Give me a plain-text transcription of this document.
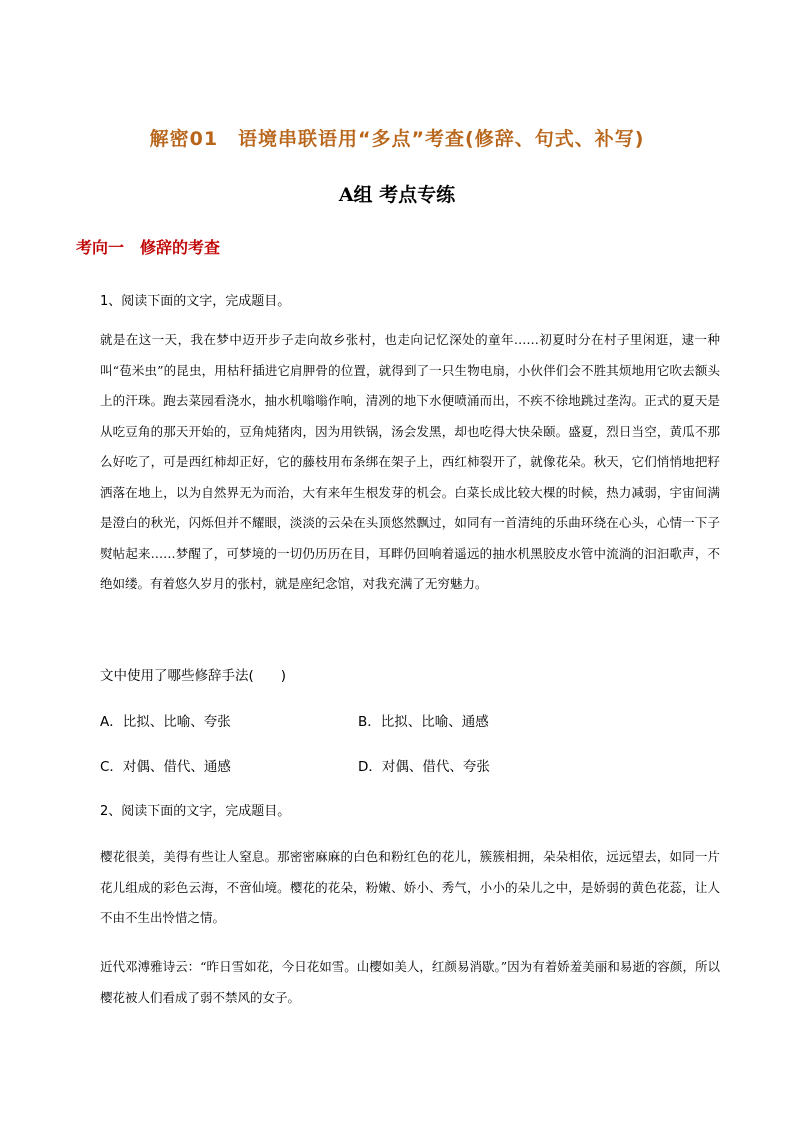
解密01　语境串联语用“多点”考查(修辞、句式、补写)
A组 考点专练
考向一　修辞的考查
1、阅读下面的文字，完成题目。

就是在这一天，我在梦中迈开步子走向故乡张村，也走向记忆深处的童年……初夏时分在村子里闲逛，逮一种叫“苞米虫”的昆虫，用枯秆插进它肩胛骨的位置，就得到了一只生物电扇，小伙伴们会不胜其烦地用它吹去额头上的汗珠。跑去菜园看浇水，抽水机嗡嗡作响，清冽的地下水便喷涌而出，不疾不徐地跳过垄沟。正式的夏天是从吃豆角的那天开始的，豆角炖猪肉，因为用铁锅，汤会发黑，却也吃得大快朵颐。盛夏，烈日当空，黄瓜不那么好吃了，可是西红柿却正好，它的藤枝用布条绑在架子上，西红柿裂开了，就像花朵。秋天，它们悄悄地把籽洒落在地上，以为自然界无为而治，大有来年生根发芽的机会。白菜长成比较大棵的时候，热力减弱，宇宙间满是澄白的秋光，闪烁但并不耀眼，淡淡的云朵在头顶悠然飘过，如同有一首清纯的乐曲环绕在心头，心情一下子熨帖起来……梦醒了，可梦境的一切仍历历在目，耳畔仍回响着遥远的抽水机黑胶皮水管中流淌的汩汩歌声，不绝如缕。有着悠久岁月的张村，就是座纪念馆，对我充满了无穷魅力。

文中使用了哪些修辞手法(　　)
A．比拟、比喻、夸张	B．比拟、比喻、通感
C．对偶、借代、通感	D．对偶、借代、夸张
2、阅读下面的文字，完成题目。

樱花很美，美得有些让人窒息。那密密麻麻的白色和粉红色的花儿，簇簇相拥，朵朵相依，远远望去，如同一片花儿组成的彩色云海，不啻仙境。樱花的花朵，粉嫩、娇小、秀气，小小的朵儿之中，是娇弱的黄色花蕊，让人不由不生出怜惜之情。

近代邓溥雅诗云：“昨日雪如花，今日花如雪。山樱如美人，红颜易消歇。”因为有着娇羞美丽和易逝的容颜，所以樱花被人们看成了弱不禁风的女子。
